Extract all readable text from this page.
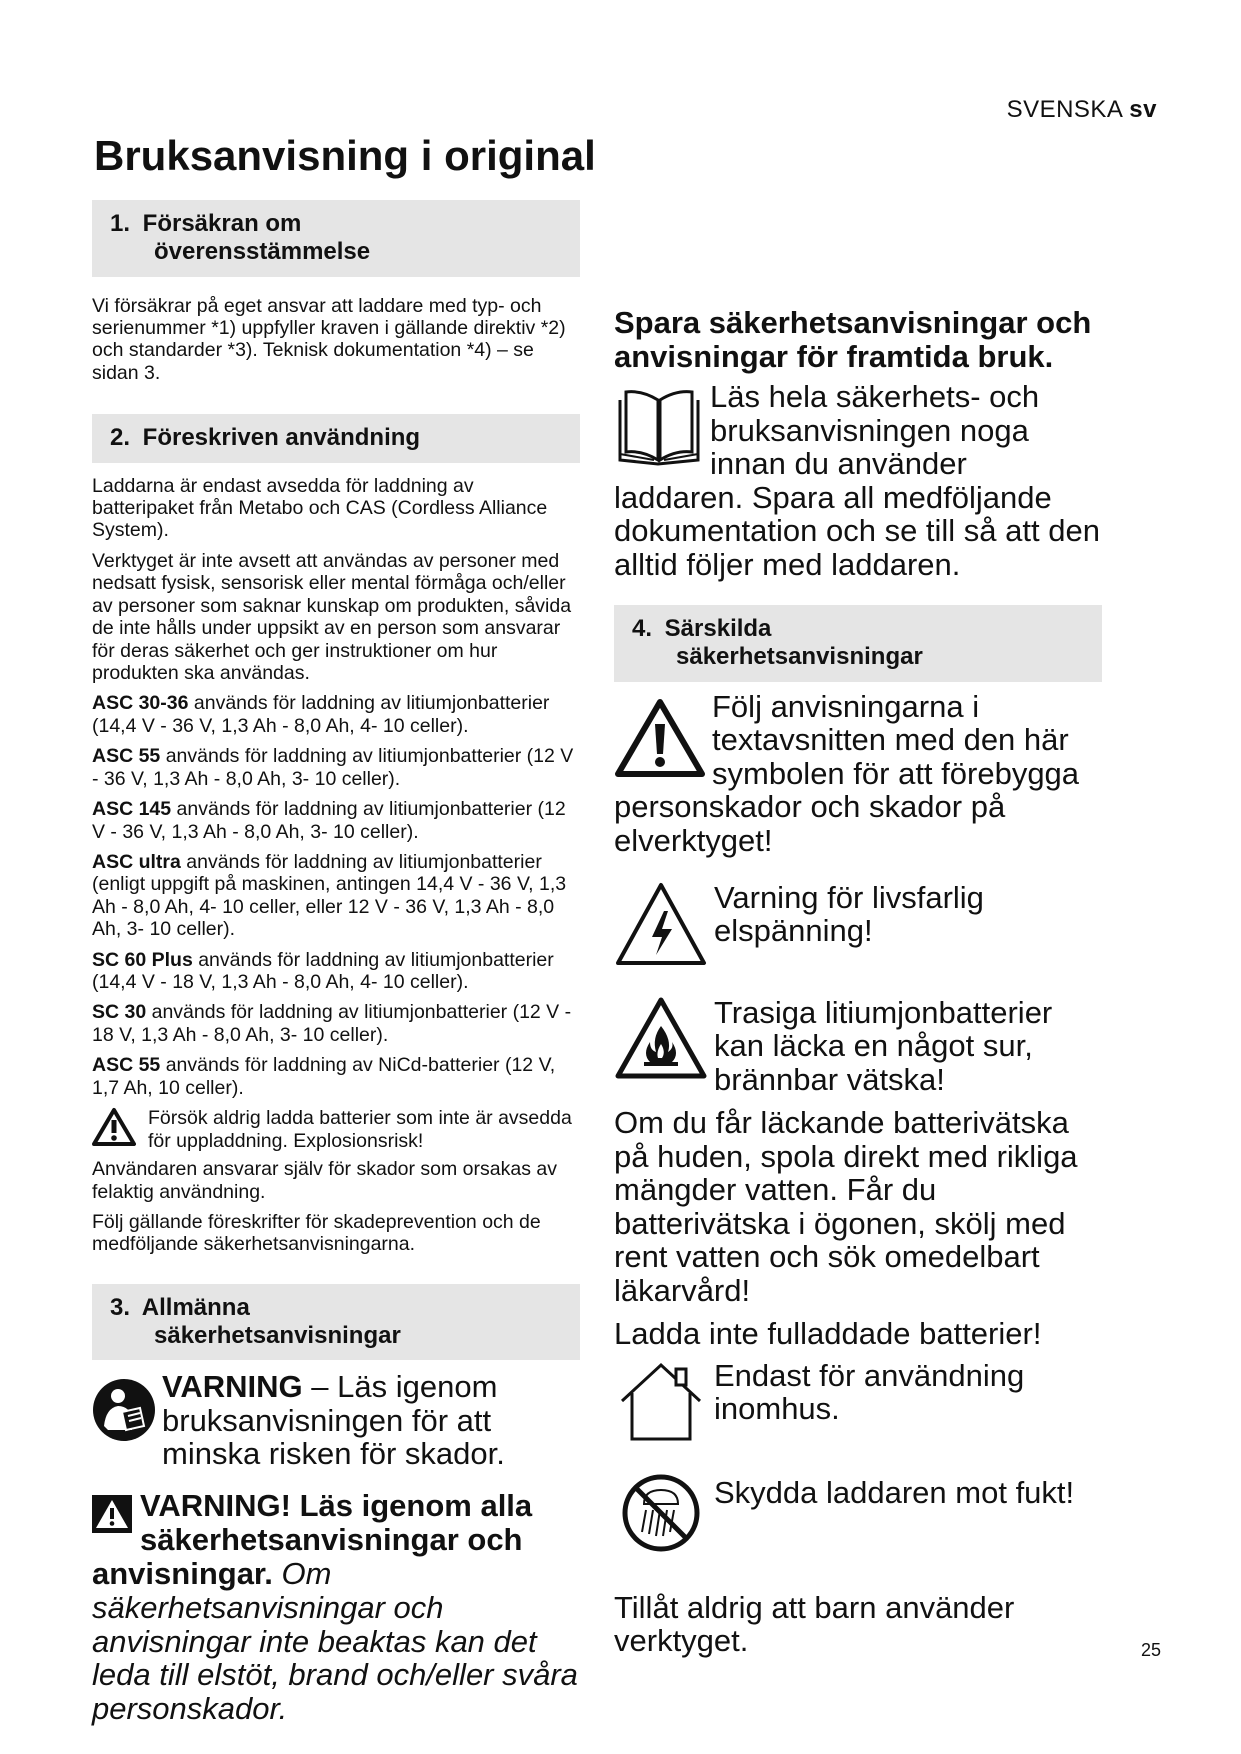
SVENSKA sv
Bruksanvisning i original
1. Försäkran om
överensstämmelse

Vi försäkrar på eget ansvar att laddare med typ- och serienummer *1) uppfyller kraven i gällande direktiv *2) och standarder *3). Teknisk dokumentation *4) – se sidan 3.

2. Föreskriven användning

Laddarna är endast avsedda för laddning av batteripaket från Metabo och CAS (Cordless Alliance System).

Verktyget är inte avsett att användas av personer med nedsatt fysisk, sensorisk eller mental förmåga och/eller av personer som saknar kunskap om produkten, såvida de inte hålls under uppsikt av en person som ansvarar för deras säkerhet och ger instruktioner om hur produkten ska användas.

ASC 30-36 används för laddning av litiumjonbatterier (14,4 V - 36 V, 1,3 Ah - 8,0 Ah, 4- 10 celler).

ASC 55 används för laddning av litiumjonbatterier (12 V - 36 V, 1,3 Ah - 8,0 Ah, 3- 10 celler).

ASC 145 används för laddning av litiumjonbatterier (12 V - 36 V, 1,3 Ah - 8,0 Ah, 3- 10 celler).

ASC ultra används för laddning av litiumjonbatterier (enligt uppgift på maskinen, antingen 14,4 V - 36 V, 1,3 Ah - 8,0 Ah, 4- 10 celler, eller 12 V - 36 V, 1,3 Ah - 8,0 Ah, 3- 10 celler).

SC 60 Plus används för laddning av litiumjonbatterier (14,4 V - 18 V, 1,3 Ah - 8,0 Ah, 4- 10 celler).

SC 30 används för laddning av litiumjonbatterier (12 V - 18 V, 1,3 Ah - 8,0 Ah, 3- 10 celler).

ASC 55 används för laddning av NiCd-batterier (12 V, 1,7 Ah, 10 celler).

Försök aldrig ladda batterier som inte är avsedda för uppladdning. Explosionsrisk!

Användaren ansvarar själv för skador som orsakas av felaktig användning.

Följ gällande föreskrifter för skadeprevention och de medföljande säkerhetsanvisningarna.

3. Allmänna
säkerhetsanvisningar
VARNING – Läs igenom bruksanvisningen för att minska risken för skador.
VARNING! Läs igenom alla säkerhetsanvisningar och anvisningar. Om säkerhetsanvisningar och anvisningar inte beaktas kan det leda till elstöt, brand och/eller svåra personskador.
Spara säkerhetsanvisningar och anvisningar för framtida bruk.
Läs hela säkerhets- och bruksanvisningen noga innan du använder laddaren. Spara all medföljande dokumentation och se till så att den alltid följer med laddaren.
4. Särskilda
säkerhetsanvisningar
Följ anvisningarna i textavsnitten med den här symbolen för att förebygga personskador och skador på elverktyget!
Varning för livsfarlig elspänning!
Trasiga litiumjonbatterier kan läcka en något sur, brännbar vätska!

Om du får läckande batterivätska på huden, spola direkt med rikliga mängder vatten. Får du batterivätska i ögonen, skölj med rent vatten och sök omedelbart läkarvård!

Ladda inte fulladdade batterier!

Endast för användning inomhus.
Skydda laddaren mot fukt!

Tillåt aldrig att barn använder verktyget.	25
